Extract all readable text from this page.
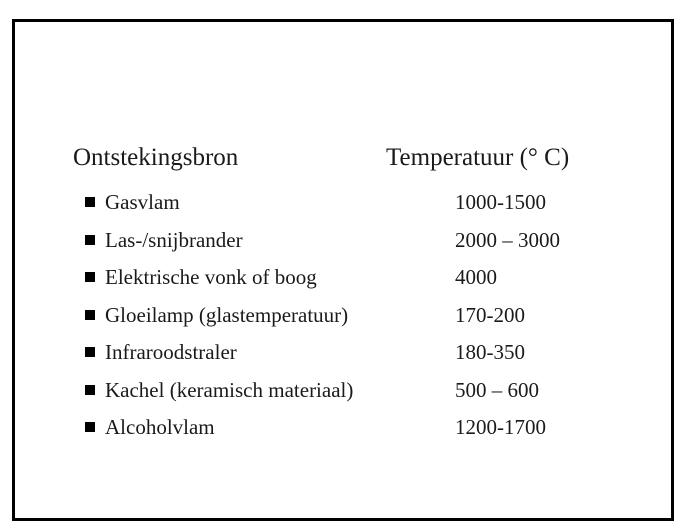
Ontstekingsbron	Temperatuur (° C)
Gasvlam	1000-1500
Las-/snijbrander	2000 – 3000
Elektrische vonk of boog	4000
Gloeilamp (glastemperatuur)	170-200
Infraroodstraler	180-350
Kachel (keramisch materiaal)	500 – 600
Alcoholvlam	1200-1700
